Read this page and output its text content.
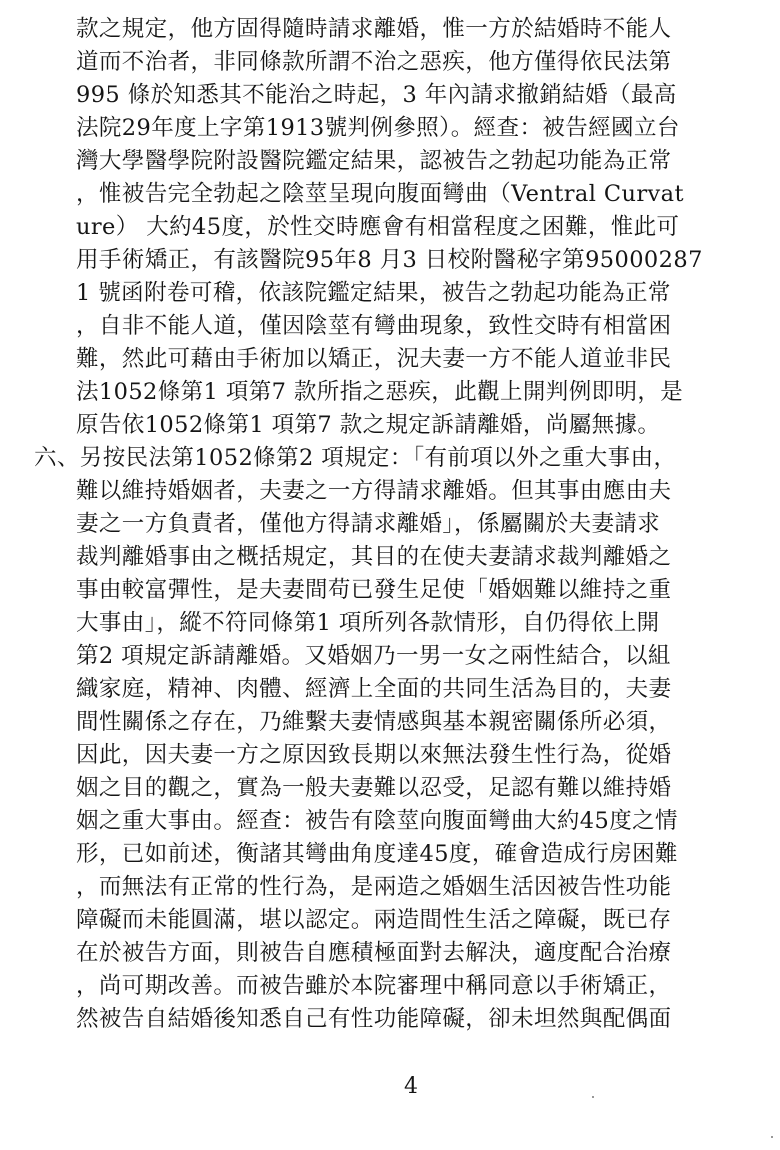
款之規定，他方固得隨時請求離婚，惟一方於結婚時不能人
道而不治者，非同條款所謂不治之惡疾，他方僅得依民法第
995 條於知悉其不能治之時起，3 年內請求撤銷結婚（最高
法院29年度上字第1913號判例參照）。經查：被告經國立台
灣大學醫學院附設醫院鑑定結果，認被告之勃起功能為正常
，惟被告完全勃起之陰莖呈現向腹面彎曲（Ventral Curvat
ure） 大約45度，於性交時應會有相當程度之困難，惟此可
用手術矯正，有該醫院95年8 月3 日校附醫秘字第95000287
1 號函附卷可稽，依該院鑑定結果，被告之勃起功能為正常
，自非不能人道，僅因陰莖有彎曲現象，致性交時有相當困
難，然此可藉由手術加以矯正，況夫妻一方不能人道並非民
法1052條第1 項第7 款所指之惡疾，此觀上開判例即明，是
原告依1052條第1 項第7 款之規定訴請離婚，尚屬無據。
六、另按民法第1052條第2 項規定：「有前項以外之重大事由，
難以維持婚姻者，夫妻之一方得請求離婚。但其事由應由夫
妻之一方負責者，僅他方得請求離婚」，係屬關於夫妻請求
裁判離婚事由之概括規定，其目的在使夫妻請求裁判離婚之
事由較富彈性，是夫妻間苟已發生足使「婚姻難以維持之重
大事由」，縱不符同條第1 項所列各款情形，自仍得依上開
第2 項規定訴請離婚。又婚姻乃一男一女之兩性結合，以組
織家庭，精神、肉體、經濟上全面的共同生活為目的，夫妻
間性關係之存在，乃維繫夫妻情感與基本親密關係所必須，
因此，因夫妻一方之原因致長期以來無法發生性行為，從婚
姻之目的觀之，實為一般夫妻難以忍受，足認有難以維持婚
姻之重大事由。經查：被告有陰莖向腹面彎曲大約45度之情
形，已如前述，衡諸其彎曲角度達45度，確會造成行房困難
，而無法有正常的性行為，是兩造之婚姻生活因被告性功能
障礙而未能圓滿，堪以認定。兩造間性生活之障礙，既已存
在於被告方面，則被告自應積極面對去解決，適度配合治療
，尚可期改善。而被告雖於本院審理中稱同意以手術矯正，
然被告自結婚後知悉自己有性功能障礙，卻未坦然與配偶面
4
